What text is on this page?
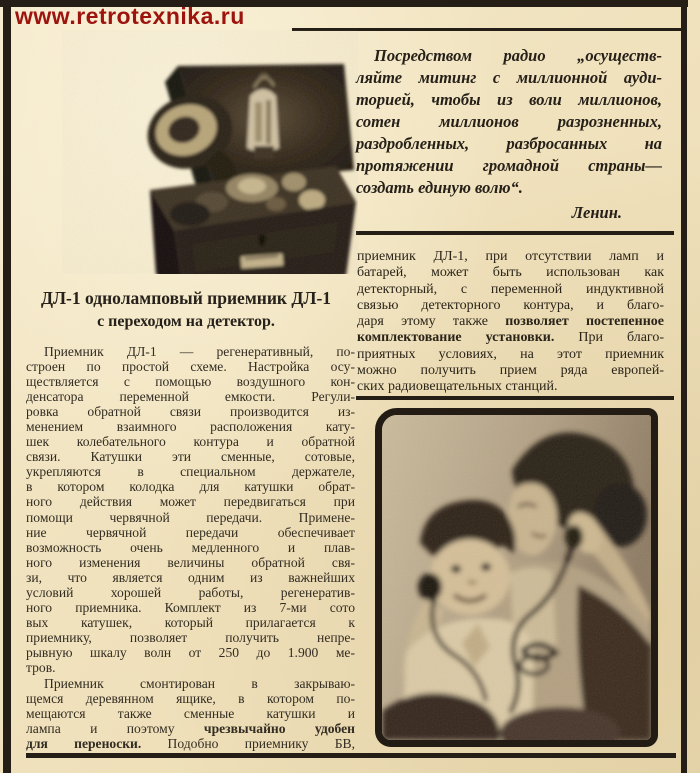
www.retrotexnika.ru
Посредством радио „осуществ-
ляйте митинг с миллионной ауди-
торией, чтобы из воли миллионов,
сотен миллионов разрозненных,
раздробленных, разбросанных на
протяжении громадной страны—
создать единую волю“.
Ленин.
приемник ДЛ-1, при отсутствии ламп и
батарей, может быть использован как
детекторный, с переменной индуктивной
связью детекторного контура, и благо-
даря этому также позволяет постепенное
комплектование установки. При благо-
приятных условиях, на этот приемник
можно получить прием ряда европей-
ских радиовещательных станций.
ДЛ-1 одноламповый приемник ДЛ-1
с переходом на детектор.
Приемник ДЛ-1 — регенеративный, по-
строен по простой схеме. Настройка осу-
ществляется с помощью воздушного кон-
денсатора переменной емкости. Регули-
ровка обратной связи производится из-
менением взаимного расположения кату-
шек колебательного контура и обратной
связи. Катушки эти сменные, сотовые,
укрепляются в специальном держателе,
в котором колодка для катушки обрат-
ного действия может передвигаться при
помощи червячной передачи. Примене-
ние червячной передачи обеспечивает
возможность очень медленного и плав-
ного изменения величины обратной свя-
зи, что является одним из важнейших
условий хорошей работы, регенератив-
ного приемника. Комплект из 7-ми сото
вых катушек, который прилагается к
приемнику, позволяет получить непре-
рывную шкалу волн от 250 до 1.900 ме-
тров.
Приемник смонтирован в закрываю-
щемся деревянном ящике, в котором по-
мещаются также сменные катушки и
лампа и поэтому чрезвычайно удобен
для переноски. Подобно приемнику БВ,
